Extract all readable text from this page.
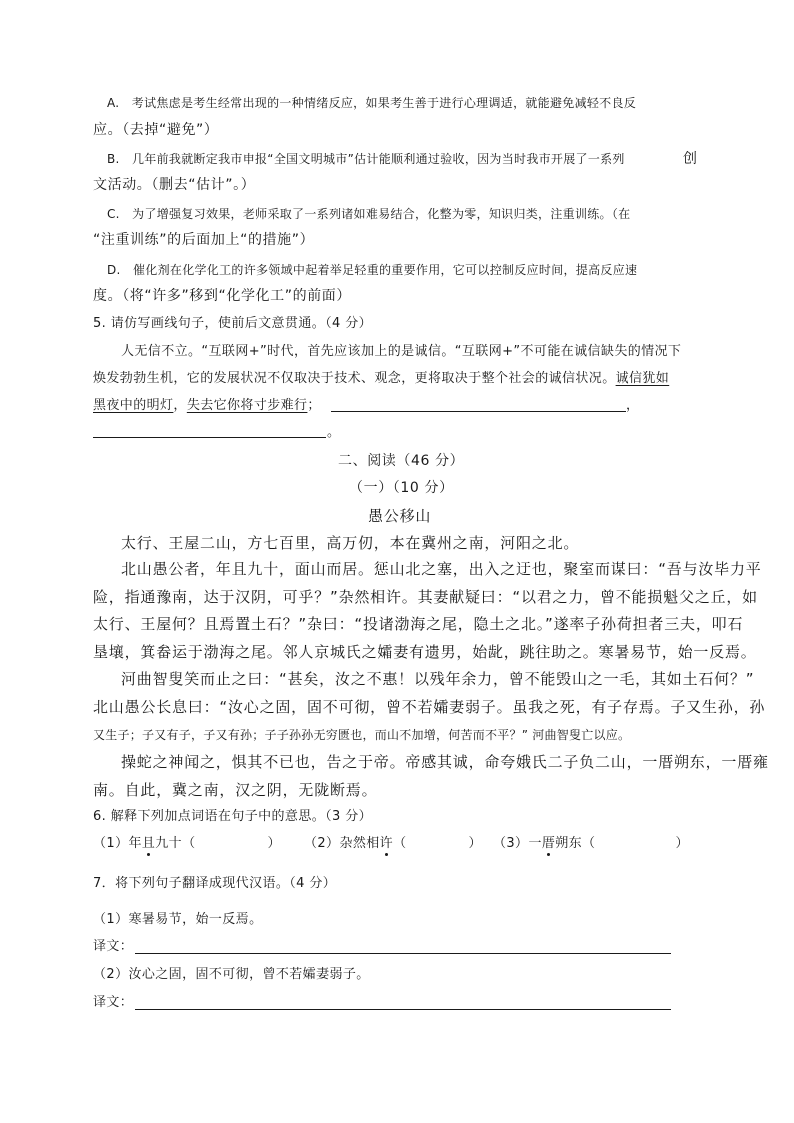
A. 考试焦虑是考生经常出现的一种情绪反应，如果考生善于进行心理调适，就能避免减轻不良反
应。（去掉“避免”）
B. 几年前我就断定我市申报“全国文明城市”估计能顺利通过验收，因为当时我市开展了一系列	创
文活动。（删去“估计”。）
C. 为了增强复习效果，老师采取了一系列诸如难易结合，化整为零，知识归类，注重训练。（在
“注重训练”的后面加上“的措施”）
D. 催化剂在化学化工的许多领域中起着举足轻重的重要作用，它可以控制反应时间，提高反应速
度。（将“许多”移到“化学化工”的前面）
5. 请仿写画线句子，使前后文意贯通。（4 分）
人无信不立。“互联网+”时代，首先应该加上的是诚信。“互联网+”不可能在诚信缺失的情况下
焕发勃勃生机，它的发展状况不仅取决于技术、观念，更将取决于整个社会的诚信状况。诚信犹如
黑夜中的明灯，失去它你将寸步难行；	，
。
二、阅读（46 分）
（一）（10 分）
愚公移山
太行、王屋二山，方七百里，高万仞，本在冀州之南，河阳之北。
北山愚公者，年且九十，面山而居。惩山北之塞，出入之迂也，聚室而谋曰：“吾与汝毕力平
险，指通豫南，达于汉阴，可乎？”杂然相许。其妻献疑曰：“以君之力，曾不能损魁父之丘，如
太行、王屋何？且焉置土石？”杂曰：“投诸渤海之尾，隐土之北。”遂率子孙荷担者三夫，叩石
垦壤，箕畚运于渤海之尾。邻人京城氏之孀妻有遗男，始龀，跳往助之。寒暑易节，始一反焉。
河曲智叟笑而止之曰：“甚矣，汝之不惠！以残年余力，曾不能毁山之一毛，其如土石何？”
北山愚公长息曰：“汝心之固，固不可彻，曾不若孀妻弱子。虽我之死，有子存焉。子又生孙，孙
又生子；子又有子，子又有孙；子子孙孙无穷匮也，而山不加增，何苦而不平？” 河曲智叟亡以应。
操蛇之神闻之，惧其不已也，告之于帝。帝感其诚，命夸娥氏二子负二山，一厝朔东，一厝雍
南。自此，冀之南，汉之阴，无陇断焉。
6. 解释下列加点词语在句子中的意思。（3 分）
（1）年且九十（	） （2）杂然相许（	） （3）一厝朔东（	）
7．将下列句子翻译成现代汉语。（4 分）
（1）寒暑易节，始一反焉。
译文：
（2）汝心之固，固不可彻，曾不若孀妻弱子。
译文：
